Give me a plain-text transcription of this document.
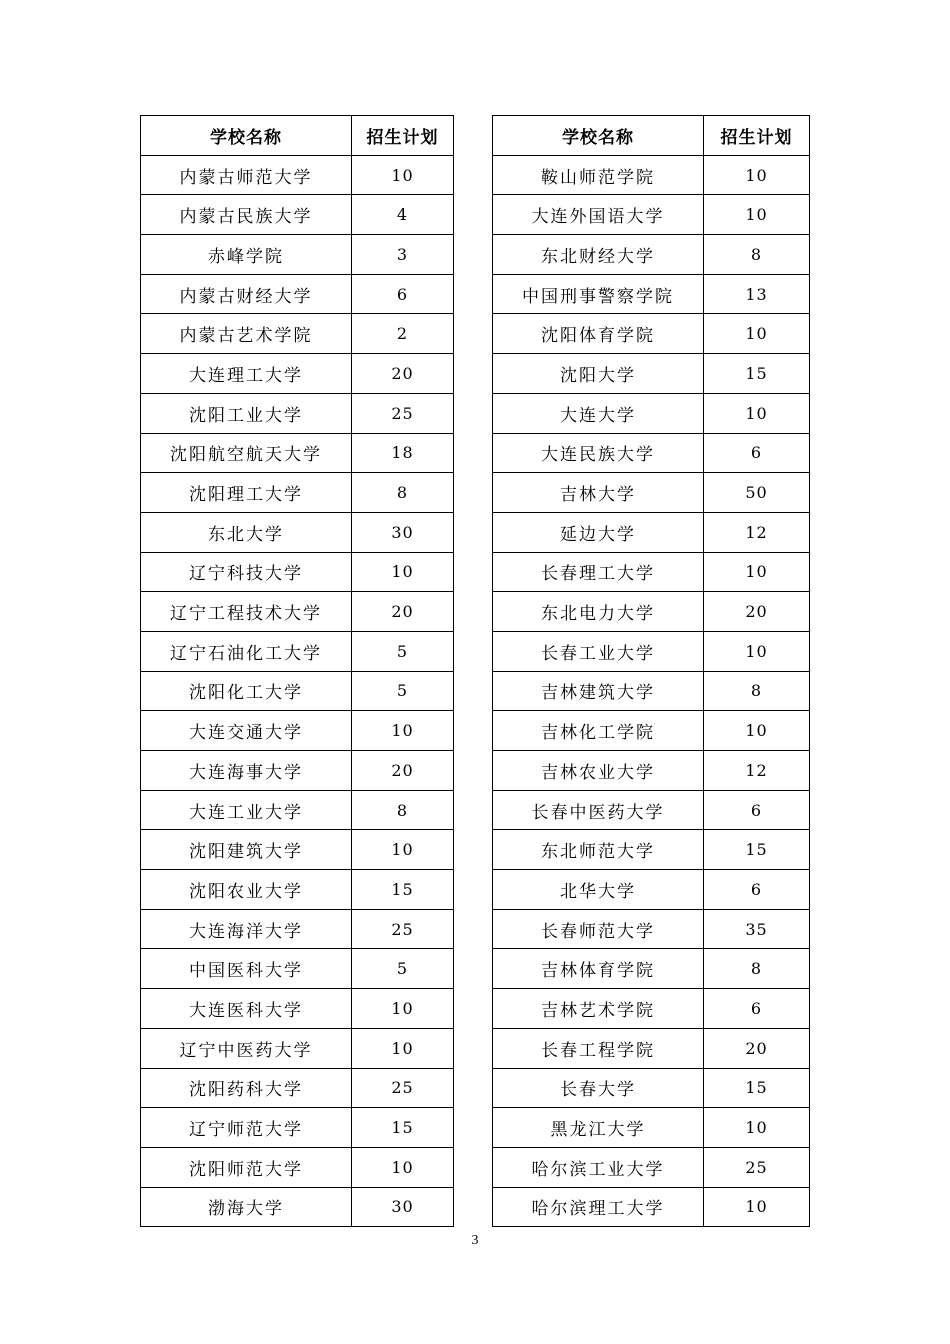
学校名称	招生计划
内蒙古师范大学	10
内蒙古民族大学	4
赤峰学院	3
内蒙古财经大学	6
内蒙古艺术学院	2
大连理工大学	20
沈阳工业大学	25
沈阳航空航天大学	18
沈阳理工大学	8
东北大学	30
辽宁科技大学	10
辽宁工程技术大学	20
辽宁石油化工大学	5
沈阳化工大学	5
大连交通大学	10
大连海事大学	20
大连工业大学	8
沈阳建筑大学	10
沈阳农业大学	15
大连海洋大学	25
中国医科大学	5
大连医科大学	10
辽宁中医药大学	10
沈阳药科大学	25
辽宁师范大学	15
沈阳师范大学	10
渤海大学	30
学校名称	招生计划
鞍山师范学院	10
大连外国语大学	10
东北财经大学	8
中国刑事警察学院	13
沈阳体育学院	10
沈阳大学	15
大连大学	10
大连民族大学	6
吉林大学	50
延边大学	12
长春理工大学	10
东北电力大学	20
长春工业大学	10
吉林建筑大学	8
吉林化工学院	10
吉林农业大学	12
长春中医药大学	6
东北师范大学	15
北华大学	6
长春师范大学	35
吉林体育学院	8
吉林艺术学院	6
长春工程学院	20
长春大学	15
黑龙江大学	10
哈尔滨工业大学	25
哈尔滨理工大学	10
3
